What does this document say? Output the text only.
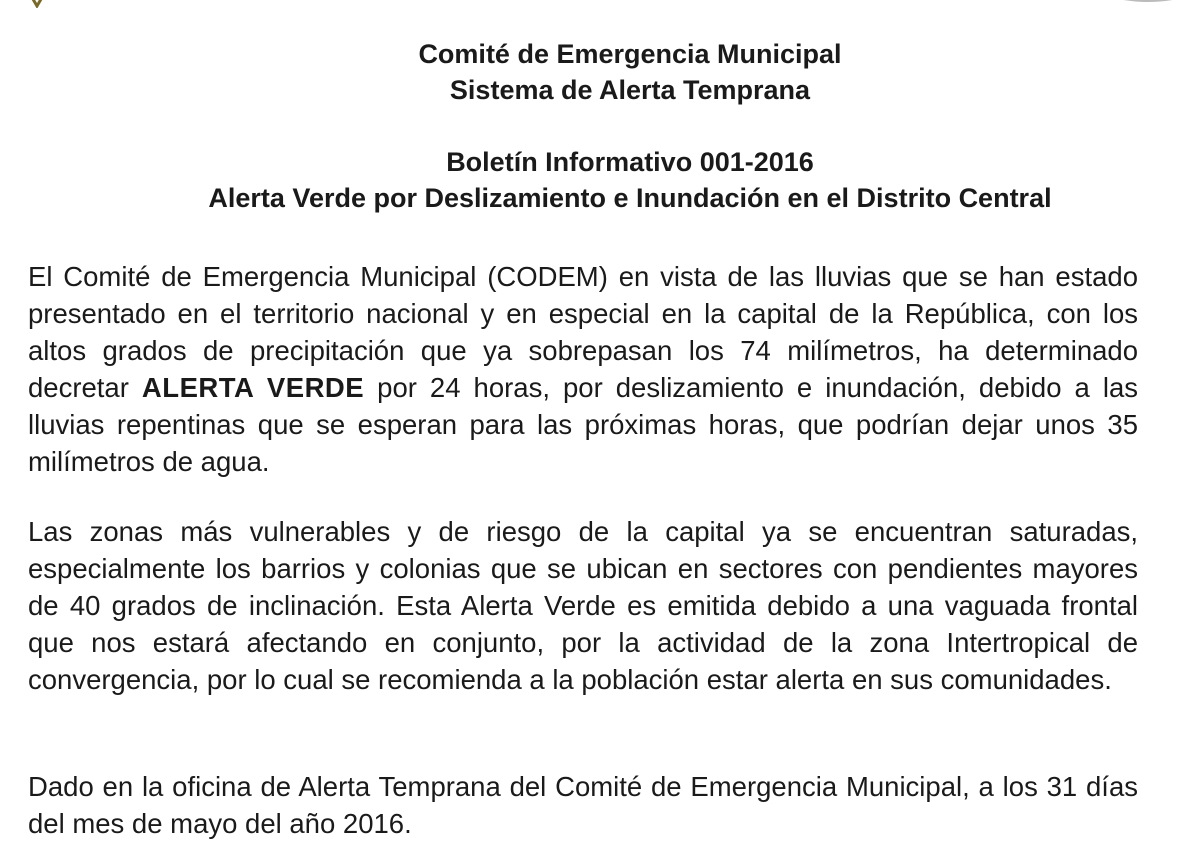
Comité de Emergencia Municipal
Sistema de Alerta Temprana
Boletín Informativo 001-2016
Alerta Verde por Deslizamiento e Inundación en el Distrito Central

El Comité de Emergencia Municipal (CODEM) en vista de las lluvias que se han estado presentado en el territorio nacional y en especial en la capital de la República, con los altos grados de precipitación que ya sobrepasan los 74 milímetros, ha determinado decretar ALERTA VERDE por 24 horas, por deslizamiento e inundación, debido a las lluvias repentinas que se esperan para las próximas horas, que podrían dejar unos 35 milímetros de agua.

Las zonas más vulnerables y de riesgo de la capital ya se encuentran saturadas, especialmente los barrios y colonias que se ubican en sectores con pendientes mayores de 40 grados de inclinación. Esta Alerta Verde es emitida debido a una vaguada frontal que nos estará afectando en conjunto, por la actividad de la zona Intertropical de convergencia, por lo cual se recomienda a la población estar alerta en sus comunidades.

Dado en la oficina de Alerta Temprana del Comité de Emergencia Municipal, a los 31 días del mes de mayo del año 2016.
